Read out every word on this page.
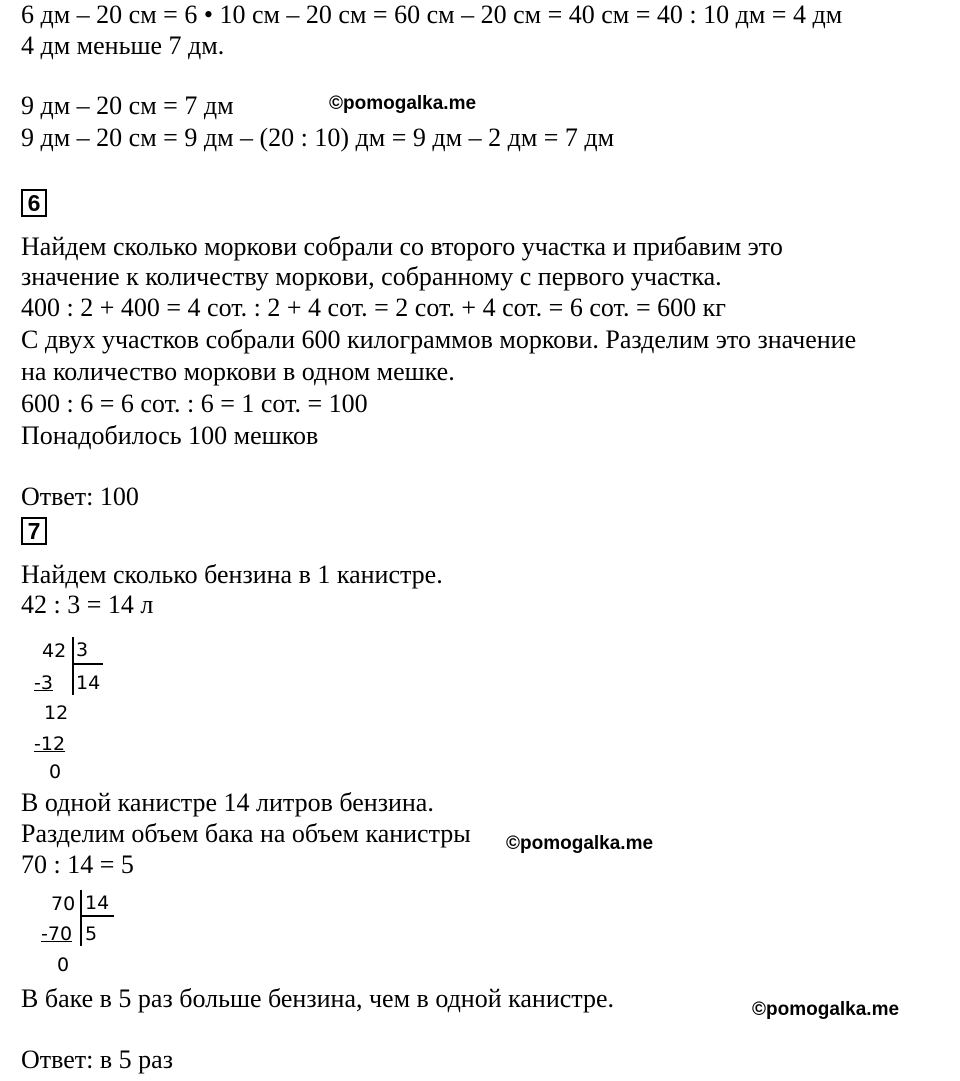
6 дм – 20 см = 6 • 10 см – 20 см = 60 см – 20 см = 40 см = 40 : 10 дм = 4 дм
4 дм меньше 7 дм.
9 дм – 20 см = 7 дм	©pomogalka.me
9 дм – 20 см = 9 дм – (20 : 10) дм = 9 дм – 2 дм = 7 дм
6
Найдем сколько моркови собрали со второго участка и прибавим это
значение к количеству моркови, собранному с первого участка.
400 : 2 + 400 = 4 сот. : 2 + 4 сот. = 2 сот. + 4 сот. = 6 сот. = 600 кг
С двух участков собрали 600 килограммов моркови. Разделим это значение
на количество моркови в одном мешке.
600 : 6 = 6 сот. : 6 = 1 сот. = 100
Понадобилось 100 мешков
Ответ: 100
7
Найдем сколько бензина в 1 канистре.
42 : 3 = 14 л
42 3
14
-3
12
-12
0
В одной канистре 14 литров бензина.
Разделим объем бака на объем канистры ©pomogalka.me
70 : 14 = 5
70 14
5
-70
0
В баке в 5 раз больше бензина, чем в одной канистре.	©pomogalka.me
Ответ: в 5 раз
